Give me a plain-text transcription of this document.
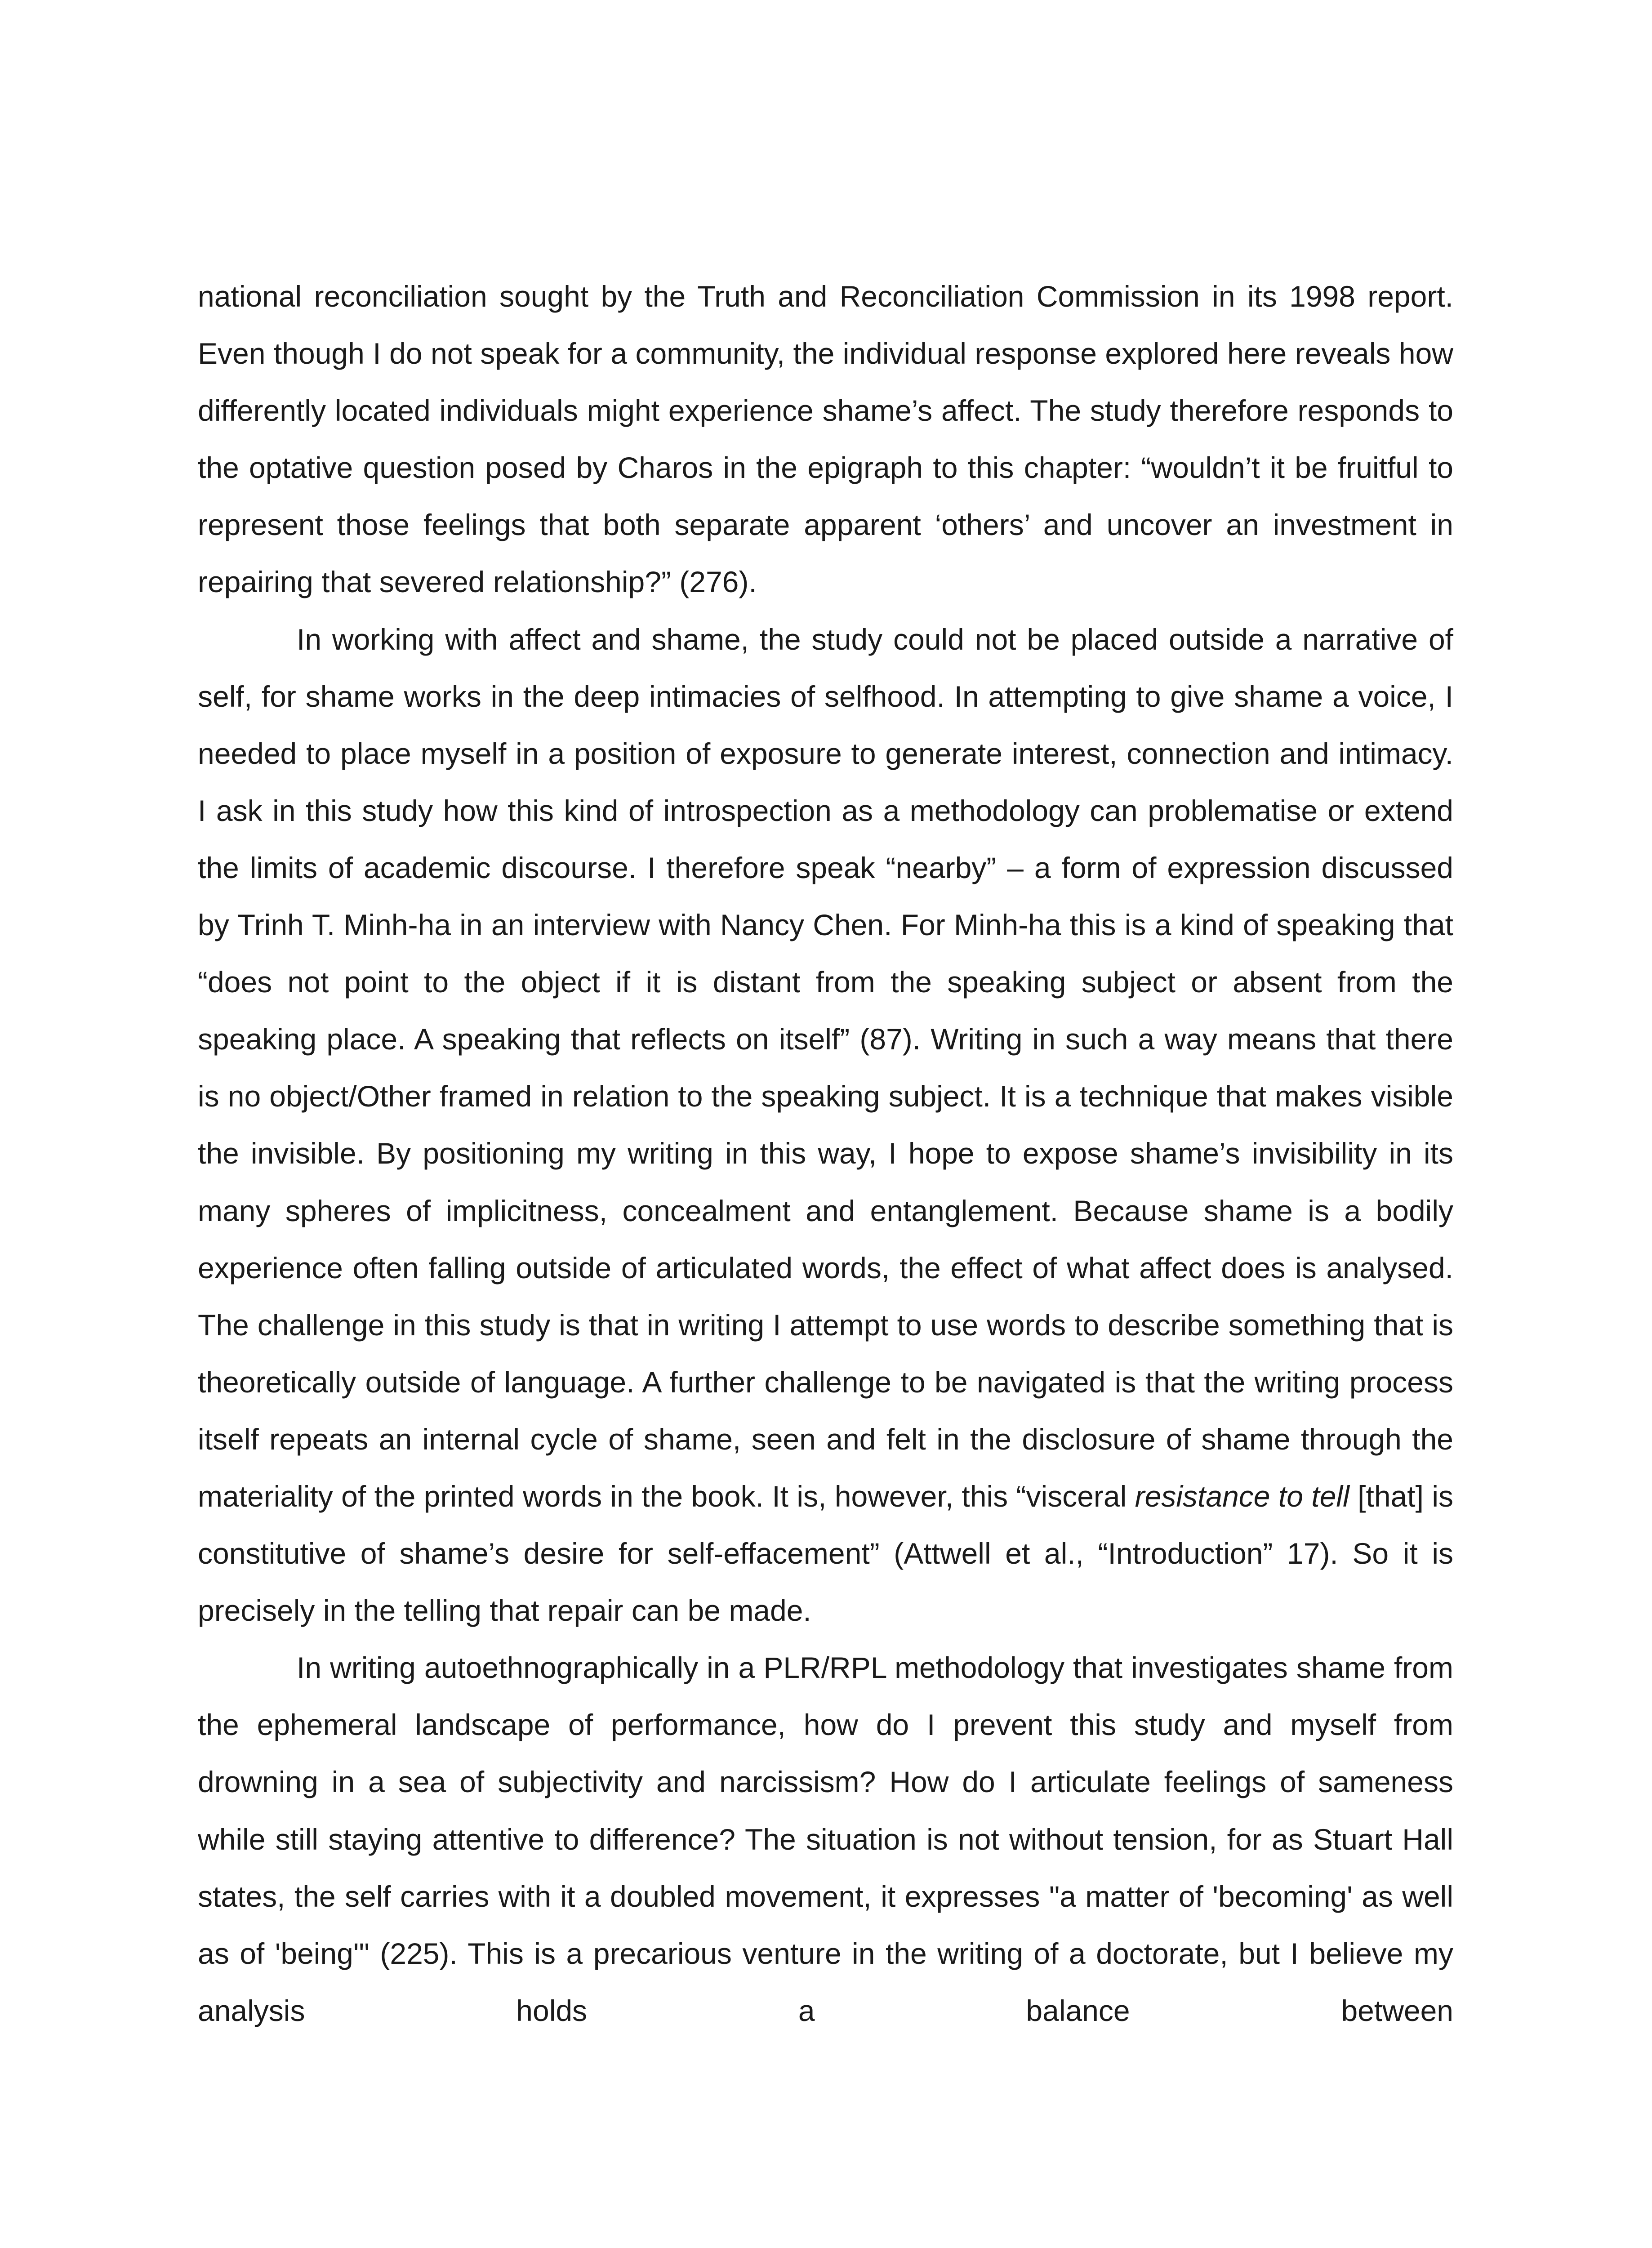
national reconciliation sought by the Truth and Reconciliation Commission in its 1998 report. Even though I do not speak for a community, the individual response explored here reveals how differently located individuals might experience shame’s affect. The study therefore responds to the optative question posed by Charos in the epigraph to this chapter: “wouldn’t it be fruitful to represent those feelings that both separate apparent ‘others’ and uncover an investment in repairing that severed relationship?” (276).

In working with affect and shame, the study could not be placed outside a narrative of self, for shame works in the deep intimacies of selfhood. In attempting to give shame a voice, I needed to place myself in a position of exposure to generate interest, connection and intimacy. I ask in this study how this kind of introspection as a methodology can problematise or extend the limits of academic discourse. I therefore speak “nearby” – a form of expression discussed by Trinh T. Minh-ha in an interview with Nancy Chen. For Minh-ha this is a kind of speaking that “does not point to the object if it is distant from the speaking subject or absent from the speaking place. A speaking that reflects on itself” (87). Writing in such a way means that there is no object/Other framed in relation to the speaking subject. It is a technique that makes visible the invisible. By positioning my writing in this way, I hope to expose shame’s invisibility in its many spheres of implicitness, concealment and entanglement. Because shame is a bodily experience often falling outside of articulated words, the effect of what affect does is analysed. The challenge in this study is that in writing I attempt to use words to describe something that is theoretically outside of language. A further challenge to be navigated is that the writing process itself repeats an internal cycle of shame, seen and felt in the disclosure of shame through the materiality of the printed words in the book. It is, however, this “visceral resistance to tell [that] is constitutive of shame’s desire for self-effacement” (Attwell et al., “Introduction” 17). So it is precisely in the telling that repair can be made.

In writing autoethnographically in a PLR/RPL methodology that investigates shame from the ephemeral landscape of performance, how do I prevent this study and myself from drowning in a sea of subjectivity and narcissism? How do I articulate feelings of sameness while still staying attentive to difference? The situation is not without tension, for as Stuart Hall states, the self carries with it a doubled movement, it expresses "a matter of 'becoming' as well as of 'being'" (225). This is a precarious venture in the writing of a doctorate, but I believe my analysis holds a balance between
